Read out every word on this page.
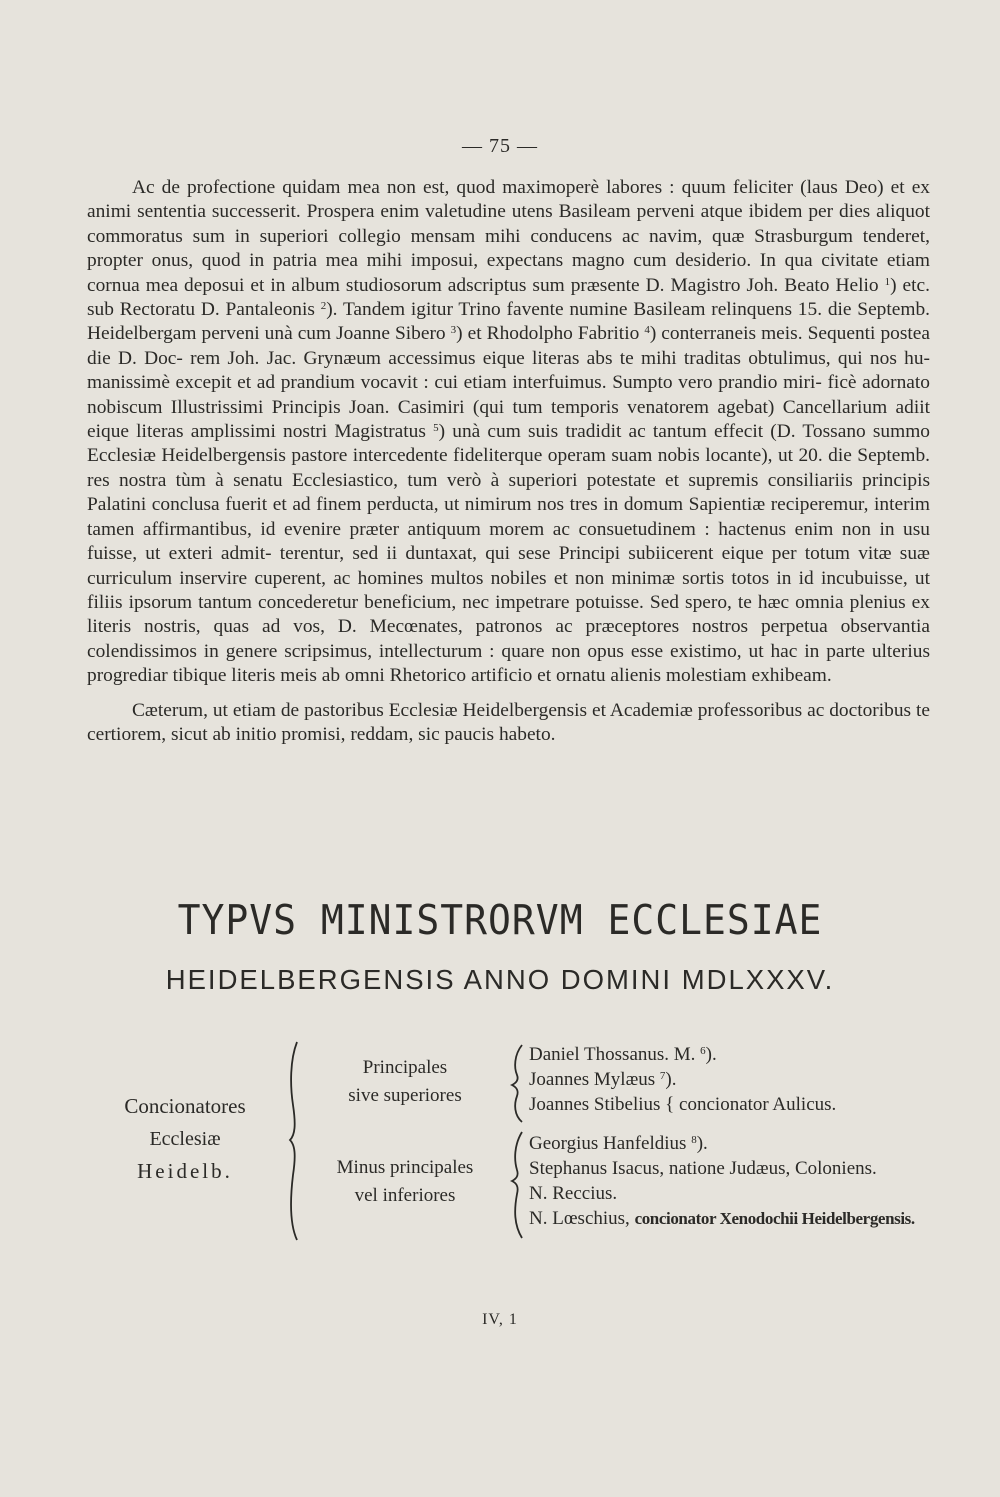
— 75 —

Ac de profectione quidam mea non est, quod maximoperè labores : quum feliciter (laus Deo) et ex animi sententia successerit. Prospera enim valetudine utens Basileam perveni atque ibidem per dies aliquot commoratus sum in superiori collegio mensam mihi conducens ac navim, quæ Strasburgum tenderet, propter onus, quod in patria mea mihi imposui, expectans magno cum desiderio. In qua civitate etiam cornua mea deposui et in album studiosorum adscriptus sum præsente D. Magistro Joh. Beato Helio $^1$) etc. sub Rectoratu D. Pantaleonis $^2$). Tandem igitur Trino favente numine Basileam relinquens 15. die Septemb. Heidelbergam perveni unà cum Joanne Sibero $^3$) et Rhodolpho Fabritio $^4$) conterraneis meis. Sequenti postea die D. Doc- rem Joh. Jac. Grynæum accessimus eique literas abs te mihi traditas obtulimus, qui nos hu- manissimè excepit et ad prandium vocavit : cui etiam interfuimus. Sumpto vero prandio miri- ficè adornato nobiscum Illustrissimi Principis Joan. Casimiri (qui tum temporis venatorem agebat) Cancellarium adiit eique literas amplissimi nostri Magistratus $^5$) unà cum suis tradidit ac tantum effecit (D. Tossano summo Ecclesiæ Heidelbergensis pastore intercedente fideliterque operam suam nobis locante), ut 20. die Septemb. res nostra tùm à senatu Ecclesiastico, tum verò à superiori potestate et supremis consiliariis principis Palatini conclusa fuerit et ad finem perducta, ut nimirum nos tres in domum Sapientiæ reciperemur, interim tamen affirmantibus, id evenire præter antiquum morem ac consuetudinem : hactenus enim non in usu fuisse, ut exteri admit- terentur, sed ii duntaxat, qui sese Principi subiicerent eique per totum vitæ suæ curriculum inservire cuperent, ac homines multos nobiles et non minimæ sortis totos in id incubuisse, ut filiis ipsorum tantum concederetur beneficium, nec impetrare potuisse. Sed spero, te hæc omnia plenius ex literis nostris, quas ad vos, D. Mecœnates, patronos ac præceptores nostros perpetua observantia colendissimos in genere scripsimus, intellecturum : quare non opus esse existimo, ut hac in parte ulterius progrediar tibique literis meis ab omni Rhetorico artificio et ornatu alienis molestiam exhibeam.

Cæterum, ut etiam de pastoribus Ecclesiæ Heidelbergensis et Academiæ professoribus ac doctoribus te certiorem, sicut ab initio promisi, reddam, sic paucis habeto.

TYPVS MINISTRORVM ECCLESIAE
HEIDELBERGENSIS ANNO DOMINI MDLXXXV.
Concionatores
Ecclesiæ
Heidelb.
Principales
sive superiores
Minus principales
vel inferiores
Daniel Thossanus. M. $^6$).
Joannes Mylæus $^7$).
Joannes Stibelius { concionator Aulicus.
Georgius Hanfeldius $^8$).
Stephanus Isacus, natione Judæus, Coloniens.
N. Reccius.
N. Lœschius, concionator Xenodochii Heidelbergensis.
IV, 1
